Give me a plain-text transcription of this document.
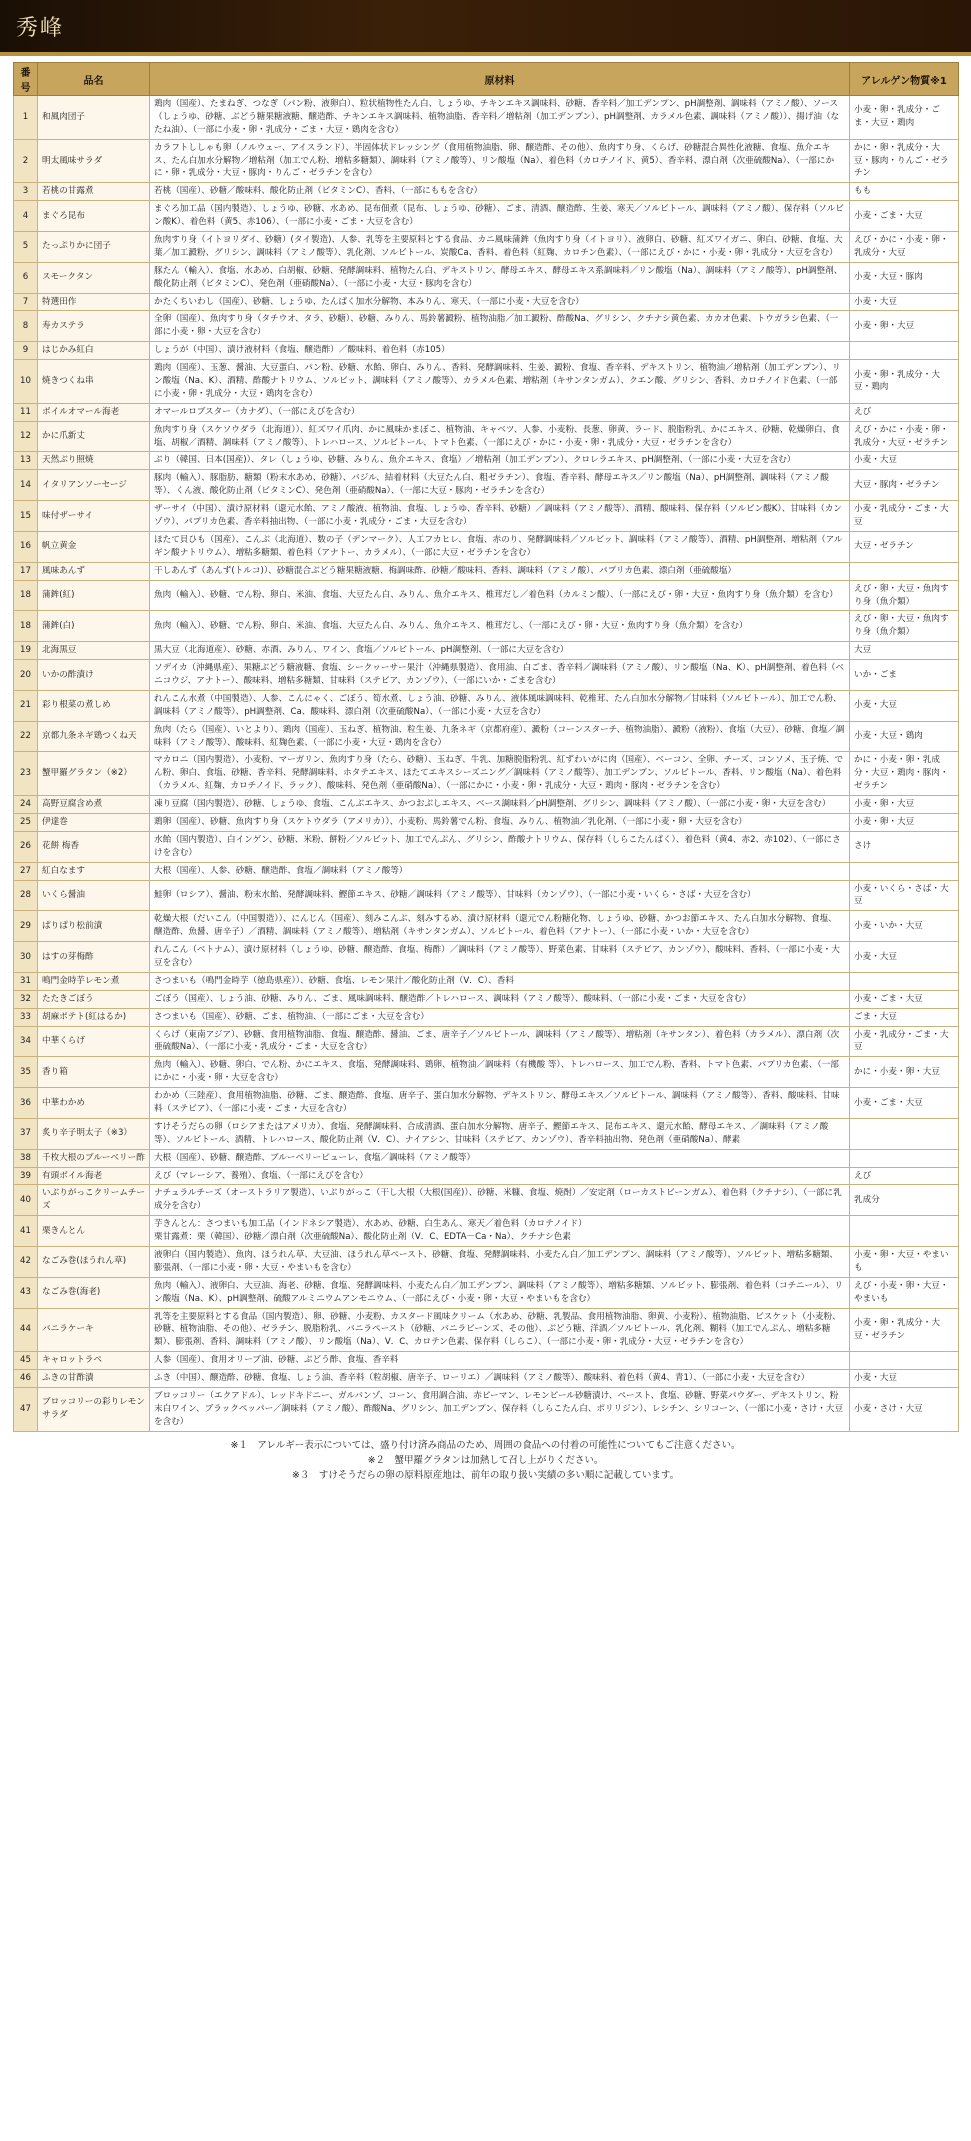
秀峰
番号	品名	原材料	アレルゲン物質※1
1	和風肉団子	鶏肉（国産）、たまねぎ、つなぎ（パン粉、液卵白）、粒状植物性たん白、しょうゆ、チキンエキス調味料、砂糖、香辛料／加工デンプン、pH調整剤、調味料（アミノ酸）、ソース（しょうゆ、砂糖、ぶどう糖果糖液糖、醸造酢、チキンエキス調味料、植物油脂、香辛料／増粘剤（加工デンプン）、pH調整剤、カラメル色素、調味料（アミノ酸））、揚げ油（なたね油）、（一部に小麦・卵・乳成分・ごま・大豆・鶏肉を含む）	小麦・卵・乳成分・ごま・大豆・鶏肉
2	明太風味サラダ	カラフトししゃも卵（ノルウェー、アイスランド）、半固体状ドレッシング（食用植物油脂、卵、醸造酢、その他）、魚肉すり身、くらげ、砂糖混合異性化液糖、食塩、魚介エキス、たん白加水分解物／増粘剤（加工でん粉、増粘多糖類）、調味料（アミノ酸等）、リン酸塩（Na）、着色料（カロチノイド、黄5）、香辛料、漂白剤（次亜硫酸Na）、（一部にかに・卵・乳成分・大豆・豚肉・りんご・ゼラチンを含む）	かに・卵・乳成分・大豆・豚肉・りんご・ゼラチン
3	若桃の甘露煮	若桃（国産）、砂糖／酸味料、酸化防止剤（ビタミンC）、香料、（一部にももを含む）	もも
4	まぐろ昆布	まぐろ加工品（国内製造）、しょうゆ、砂糖、水あめ、昆布佃煮（昆布、しょうゆ、砂糖）、ごま、清酒、醸造酢、生姜、寒天／ソルビトール、調味料（アミノ酸）、保存料（ソルビン酸K）、着色料（黄5、赤106）、（一部に小麦・ごま・大豆を含む）	小麦・ごま・大豆
5	たっぷりかに団子	魚肉すり身（イトヨリダイ、砂糖）(タイ製造)、人参、乳等を主要原料とする食品、カニ風味蒲鉾（魚肉すり身（イトヨリ）、液卵白、砂糖、紅ズワイガニ、卵白、砂糖、食塩、大葉／加工澱粉、グリシン、調味料（アミノ酸等）、乳化剤、ソルビトール、炭酸Ca、香料、着色料（紅麹、カロチン色素）、（一部にえび・かに・小麦・卵・乳成分・大豆を含む）	えび・かに・小麦・卵・乳成分・大豆
6	スモークタン	豚たん（輸入）、食塩、水あめ、白胡椒、砂糖、発酵調味料、植物たん白、デキストリン、酵母エキス、酵母エキス系調味料／リン酸塩（Na）、調味料（アミノ酸等）、pH調整剤、酸化防止剤（ビタミンC）、発色剤（亜硝酸Na）、（一部に小麦・大豆・豚肉を含む）	小麦・大豆・豚肉
7	特選田作	かたくちいわし（国産）、砂糖、しょうゆ、たんぱく加水分解物、本みりん、寒天、（一部に小麦・大豆を含む）	小麦・大豆
8	寿カステラ	全卵（国産）、魚肉すり身（タチウオ、タラ、砂糖）、砂糖、みりん、馬鈴薯澱粉、植物油脂／加工澱粉、酢酸Na、グリシン、クチナシ黄色素、カカオ色素、トウガラシ色素、（一部に小麦・卵・大豆を含む）	小麦・卵・大豆
9	はじかみ紅白	しょうが（中国）、漬け液材料（食塩、醸造酢）／酸味料、着色料（赤105）	
10	焼きつくね串	鶏肉（国産）、玉葱、醤油、大豆蛋白、パン粉、砂糖、水飴、卵白、みりん、香料、発酵調味料、生姜、澱粉、食塩、香辛料、デキストリン、植物油／増粘剤（加工デンプン）、リン酸塩（Na、K）、酒精、酢酸ナトリウム、ソルビット、調味料（アミノ酸等）、カラメル色素、増粘剤（キサンタンガム）、クエン酸、グリシン、香料、カロチノイド色素、（一部に小麦・卵・乳成分・大豆・鶏肉を含む）	小麦・卵・乳成分・大豆・鶏肉
11	ボイルオマール海老	オマールロブスター（カナダ）、（一部にえびを含む）	えび
12	かに爪新丈	魚肉すり身（スケソウダラ（北海道））、紅ズワイ爪肉、かに風味かまぼこ、植物油、キャベツ、人参、小麦粉、長葱、卵黄、ラード、脱脂粉乳、かにエキス、砂糖、乾燥卵白、食塩、胡椒／酒精、調味料（アミノ酸等）、トレハロース、ソルビトール、トマト色素、（一部にえび・かに・小麦・卵・乳成分・大豆・ゼラチンを含む）	えび・かに・小麦・卵・乳成分・大豆・ゼラチン
13	天然ぶり照焼	ぶり（韓国、日本(国産)）、タレ（しょうゆ、砂糖、みりん、魚介エキス、食塩）／増粘剤（加工デンプン）、クロレラエキス、pH調整剤、（一部に小麦・大豆を含む）	小麦・大豆
14	イタリアンソーセージ	豚肉（輸入）、豚脂肪、糖類（粉末水あめ、砂糖）、バジル、結着材料（大豆たん白、粗ゼラチン）、食塩、香辛料、酵母エキス／リン酸塩（Na）、pH調整剤、調味料（アミノ酸等）、くん液、酸化防止剤（ビタミンC）、発色剤（亜硝酸Na）、（一部に大豆・豚肉・ゼラチンを含む）	大豆・豚肉・ゼラチン
15	味付ザーサイ	ザーサイ（中国）、漬け原材料（還元水飴、アミノ酸液、植物油、食塩、しょうゆ、香辛料、砂糖）／調味料（アミノ酸等）、酒精、酸味料、保存料（ソルビン酸K）、甘味料（カンゾウ）、パプリカ色素、香辛料抽出物、（一部に小麦・乳成分・ごま・大豆を含む）	小麦・乳成分・ごま・大豆
16	帆立黄金	ほたて貝ひも（国産）、こんぶ（北海道）、数の子（デンマーク）、人工フカヒレ、食塩、赤のり、発酵調味料／ソルビット、調味料（アミノ酸等）、酒精、pH調整剤、増粘剤（アルギン酸ナトリウム）、増粘多糖類、着色料（アナトー、カラメル）、（一部に大豆・ゼラチンを含む）	大豆・ゼラチン
17	風味あんず	干しあんず（あんず(トルコ)）、砂糖混合ぶどう糖果糖液糖、梅調味酢、砂糖／酸味料、香料、調味料（アミノ酸）、パプリカ色素、漂白剤（亜硫酸塩）	
18	蒲鉾(紅)	魚肉（輸入）、砂糖、でん粉、卵白、米油、食塩、大豆たん白、みりん、魚介エキス、椎茸だし／着色料（カルミン酸）、（一部にえび・卵・大豆・魚肉すり身（魚介類）を含む）	えび・卵・大豆・魚肉すり身（魚介類）
18	蒲鉾(白)	魚肉（輸入）、砂糖、でん粉、卵白、米油、食塩、大豆たん白、みりん、魚介エキス、椎茸だし、（一部にえび・卵・大豆・魚肉すり身（魚介類）を含む）	えび・卵・大豆・魚肉すり身（魚介類）
19	北海黒豆	黒大豆（北海道産）、砂糖、赤酒、みりん、ワイン、食塩／ソルビトール、pH調整剤、（一部に大豆を含む）	大豆
20	いかの酢漬け	ソデイカ（沖縄県産）、果糖ぶどう糖液糖、食塩、シークヮーサー果汁（沖縄県製造）、食用油、白ごま、香辛料／調味料（アミノ酸）、リン酸塩（Na、K）、pH調整剤、着色料（ベニコウジ、アナトー）、酸味料、増粘多糖類、甘味料（ステビア、カンゾウ）、（一部にいか・ごまを含む）	いか・ごま
21	彩り根菜の煮しめ	れんこん水煮（中国製造）、人参、こんにゃく、ごぼう、筍水煮、しょう油、砂糖、みりん、液体風味調味料、乾椎茸、たん白加水分解物／甘味料（ソルビトール）、加工でん粉、調味料（アミノ酸等）、pH調整剤、Ca、酸味料、漂白剤（次亜硫酸Na）、（一部に小麦・大豆を含む）	小麦・大豆
22	京都九条ネギ鶏つくね天	魚肉（たら（国産）、いとより）、鶏肉（国産）、玉ねぎ、植物油、粒生姜、九条ネギ（京都府産）、澱粉（コーンスターチ、植物油脂）、澱粉（液粉）、食塩（大豆）、砂糖、食塩／調味料（アミノ酸等）、酸味料、紅麹色素、（一部に小麦・大豆・鶏肉を含む）	小麦・大豆・鶏肉
23	蟹甲羅グラタン（※2）	マカロニ（国内製造）、小麦粉、マーガリン、魚肉すり身（たら、砂糖）、玉ねぎ、牛乳、加糖脱脂粉乳、紅ずわいがに肉（国産）、ベーコン、全卵、チーズ、コンソメ、玉子焼、でん粉、卵白、食塩、砂糖、香辛料、発酵調味料、ホタテエキス、ほたてエキスシーズニング／調味料（アミノ酸等）、加工デンプン、ソルビトール、香料、リン酸塩（Na）、着色料（カラメル、紅麹、カロチノイド、ラック）、酸味料、発色剤（亜硝酸Na）、（一部にかに・小麦・卵・乳成分・大豆・鶏肉・豚肉・ゼラチンを含む）	かに・小麦・卵・乳成分・大豆・鶏肉・豚肉・ゼラチン
24	高野豆腐含め煮	凍り豆腐（国内製造）、砂糖、しょうゆ、食塩、こんぶエキス、かつおぶしエキス、ベース調味料／pH調整剤、グリシン、調味料（アミノ酸）、（一部に小麦・卵・大豆を含む）	小麦・卵・大豆
25	伊達巻	鶏卵（国産）、砂糖、魚肉すり身（スケトウダラ（アメリカ））、小麦粉、馬鈴薯でん粉、食塩、みりん、植物油／乳化剤、（一部に小麦・卵・大豆を含む）	小麦・卵・大豆
26	花餅 梅香	水飴（国内製造）、白インゲン、砂糖、米粉、餅粉／ソルビット、加工でんぷん、グリシン、酢酸ナトリウム、保存料（しらこたんぱく）、着色料（黄4、赤2、赤102）、（一部にさけを含む）	さけ
27	紅白なます	大根（国産）、人参、砂糖、醸造酢、食塩／調味料（アミノ酸等）	
28	いくら醤油	鮭卵（ロシア）、醤油、粉末水飴、発酵調味料、鰹節エキス、砂糖／調味料（アミノ酸等）、甘味料（カンゾウ）、（一部に小麦・いくら・さば・大豆を含む）	小麦・いくら・さば・大豆
29	ぱりぱり松前漬	乾燥大根（だいこん（中国製造））、にんじん（国産）、刻みこんぶ、刻みするめ、漬け原材料（還元でん粉糖化物、しょうゆ、砂糖、かつお節エキス、たん白加水分解物、食塩、醸造酢、魚醤、唐辛子）／酒精、調味料（アミノ酸等）、増粘剤（キサンタンガム）、ソルビトール、着色料（アナトー）、（一部に小麦・いか・大豆を含む）	小麦・いか・大豆
30	はすの芽梅酢	れんこん（ベトナム）、漬け原材料（しょうゆ、砂糖、醸造酢、食塩、梅酢）／調味料（アミノ酸等）、野菜色素、甘味料（ステビア、カンゾウ）、酸味料、香料、（一部に小麦・大豆を含む）	小麦・大豆
31	鳴門金時芋レモン煮	さつまいも（鳴門金時芋（徳島県産））、砂糖、食塩、レモン果汁／酸化防止剤（V．C）、香料	
32	たたきごぼう	ごぼう（国産）、しょう油、砂糖、みりん、ごま、風味調味料、醸造酢／トレハロース、調味料（アミノ酸等）、酸味料、（一部に小麦・ごま・大豆を含む）	小麦・ごま・大豆
33	胡麻ポテト(紅はるか)	さつまいも（国産）、砂糖、ごま、植物油、（一部にごま・大豆を含む）	ごま・大豆
34	中華くらげ	くらげ（東南アジア）、砂糖、食用植物油脂、食塩、醸造酢、醤油、ごま、唐辛子／ソルビトール、調味料（アミノ酸等）、増粘剤（キサンタン）、着色料（カラメル）、漂白剤（次亜硫酸Na）、（一部に小麦・乳成分・ごま・大豆を含む）	小麦・乳成分・ごま・大豆
35	香り箱	魚肉（輸入）、砂糖、卵白、でん粉、かにエキス、食塩、発酵調味料、鶏卵、植物油／調味料（有機酸 等）、トレハロース、加工でん粉、香料、トマト色素、パプリカ色素、（一部にかに・小麦・卵・大豆を含む）	かに・小麦・卵・大豆
36	中華わかめ	わかめ（三陸産）、食用植物油脂、砂糖、ごま、醸造酢、食塩、唐辛子、蛋白加水分解物、デキストリン、酵母エキス／ソルビトール、調味料（アミノ酸等）、香料、酸味料、甘味料（ステビア）、（一部に小麦・ごま・大豆を含む）	小麦・ごま・大豆
37	炙り辛子明太子（※3）	すけそうだらの卵（ロシアまたはアメリカ）、食塩、発酵調味料、合成清酒、蛋白加水分解物、唐辛子、鰹節エキス、昆布エキス、還元水飴、酵母エキス、／調味料（アミノ酸等）、ソルビトール、酒精、トレハロース、酸化防止剤（V．C）、ナイアシン、甘味料（ステビア、カンゾウ）、香辛料抽出物、発色剤（亜硝酸Na）、酵素	
38	千枚大根のブルーベリー酢	大根（国産）、砂糖、醸造酢、ブルーベリーピューレ、食塩／調味料（アミノ酸等）	
39	有頭ボイル海老	えび（マレーシア、養殖）、食塩、（一部にえびを含む）	えび
40	いぶりがっこクリームチーズ	ナチュラルチーズ（オーストラリア製造）、いぶりがっこ（干し大根（大根(国産)）、砂糖、米糠、食塩、焼酎）／安定剤（ローカストビーンガム）、着色料（クチナシ）、（一部に乳成分を含む）	乳成分
41	栗きんとん	芋きんとん：さつまいも加工品（インドネシア製造）、水あめ、砂糖、白生あん、寒天／着色料（カロテノイド）
栗甘露煮：栗（韓国）、砂糖／漂白剤（次亜硫酸Na）、酸化防止剤（V．C、EDTA－Ca・Na）、クチナシ色素	
42	なごみ巻(ほうれん草)	液卵白（国内製造）、魚肉、ほうれん草、大豆油、ほうれん草ペースト、砂糖、食塩、発酵調味料、小麦たん白／加工デンプン、調味料（アミノ酸等）、ソルビット、増粘多糖類、膨張剤、（一部に小麦・卵・大豆・やまいもを含む）	小麦・卵・大豆・やまいも
43	なごみ巻(海老)	魚肉（輸入）、液卵白、大豆油、海老、砂糖、食塩、発酵調味料、小麦たん白／加工デンプン、調味料（アミノ酸等）、増粘多糖類、ソルビット、膨張剤、着色料（コチニール）、リン酸塩（Na、K）、pH調整剤、硫酸アルミニウムアンモニウム、（一部にえび・小麦・卵・大豆・やまいもを含む）	えび・小麦・卵・大豆・やまいも
44	バニラケーキ	乳等を主要原料とする食品（国内製造）、卵、砂糖、小麦粉、カスタード風味クリーム（水あめ、砂糖、乳製品、食用植物油脂、卵黄、小麦粉）、植物油脂、ビスケット（小麦粉、砂糖、植物油脂、その他）、ゼラチン、脱脂粉乳、バニラペースト（砂糖、バニラビーンズ、その他）、ぶどう糖、洋酒／ソルビトール、乳化剤、糊料（加工でんぷん、増粘多糖類）、膨張剤、香料、調味料（アミノ酸）、リン酸塩（Na）、V．C、カロテン色素、保存料（しらこ）、（一部に小麦・卵・乳成分・大豆・ゼラチンを含む）	小麦・卵・乳成分・大豆・ゼラチン
45	キャロットラペ	人参（国産）、食用オリーブ油、砂糖、ぶどう酢、食塩、香辛料	
46	ふきの甘酢漬	ふき（中国）、醸造酢、砂糖、食塩、しょう油、香辛料（粒胡椒、唐辛子、ローリエ）／調味料（アミノ酸等）、酸味料、着色料（黄4、青1）、（一部に小麦・大豆を含む）	小麦・大豆
47	ブロッコリーの彩りレモンサラダ	ブロッコリー（エクアドル）、レッドキドニー、ガルバンゾ、コーン、食用調合油、赤ピーマン、レモンピール砂糖漬け、ペースト、食塩、砂糖、野菜パウダー、デキストリン、粉末白ワイン、ブラックペッパー／調味料（アミノ酸）、酢酸Na、グリシン、加工デンプン、保存料（しらこたん白、ポリリジン）、レシチン、シリコーン、（一部に小麦・さけ・大豆を含む）	小麦・さけ・大豆
※１　アレルギー表示については、盛り付け済み商品のため、周囲の食品への付着の可能性についてもご注意ください。
※２　蟹甲羅グラタンは加熱して召し上がりください。
※３　すけそうだらの卵の原料原産地は、前年の取り扱い実績の多い順に記載しています。
